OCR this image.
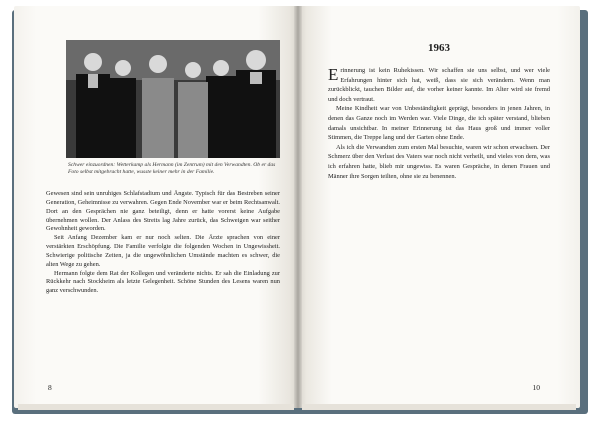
Schwer einzuordnen: Wetterkamp als Hermann (im Zentrum) mit den Verwandten. Ob er das Foto selbst mitgebracht hatte, wusste keiner mehr in der Familie.

Gewesen sind sein unruhiges Schlafstadium und Ängste. Typisch für das Bestreben seiner Generation, Geheimnisse zu verwahren. Gegen Ende November war er beim Rechtsanwalt. Dort an den Gesprächen nie ganz beteiligt, denn er hatte vorerst keine Aufgabe übernehmen wollen. Der Anlass des Streits lag Jahre zurück, das Schweigen war seither Gewohnheit geworden.

Seit Anfang Dezember kam er nur noch selten. Die Ärzte sprachen von einer verstärkten Erschöpfung. Die Familie verfolgte die folgenden Wochen in Ungewissheit. Schwierige politische Zeiten, ja die ungewöhnlichen Umstände machten es schwer, die alten Wege zu gehen.

Hermann folgte dem Rat der Kollegen und veränderte nichts. Er sah die Einladung zur Rückkehr nach Stockheim als letzte Gelegenheit. Schöne Stunden des Lesens waren nun ganz verschwunden.

8
1963

Erinnerung ist kein Ruhekissen. Wir schaffen sie uns selbst, und wer viele Erfahrungen hinter sich hat, weiß, dass sie sich verändern. Wenn man zurückblickt, tauchen Bilder auf, die vorher keiner kannte. Im Alter wird sie fremd und doch vertraut.

Meine Kindheit war von Unbeständigkeit geprägt, besonders in jenen Jahren, in denen das Ganze noch im Werden war. Viele Dinge, die ich später verstand, blieben damals unsichtbar. In meiner Erinnerung ist das Haus groß und immer voller Stimmen, die Treppe lang und der Garten ohne Ende.

Als ich die Verwandten zum ersten Mal besuchte, waren wir schon erwachsen. Der Schmerz über den Verlust des Vaters war noch nicht verheilt, und vieles von dem, was ich erfahren hatte, blieb mir ungewiss. Es waren Gespräche, in denen Frauen und Männer ihre Sorgen teilten, ohne sie zu benennen.

10
